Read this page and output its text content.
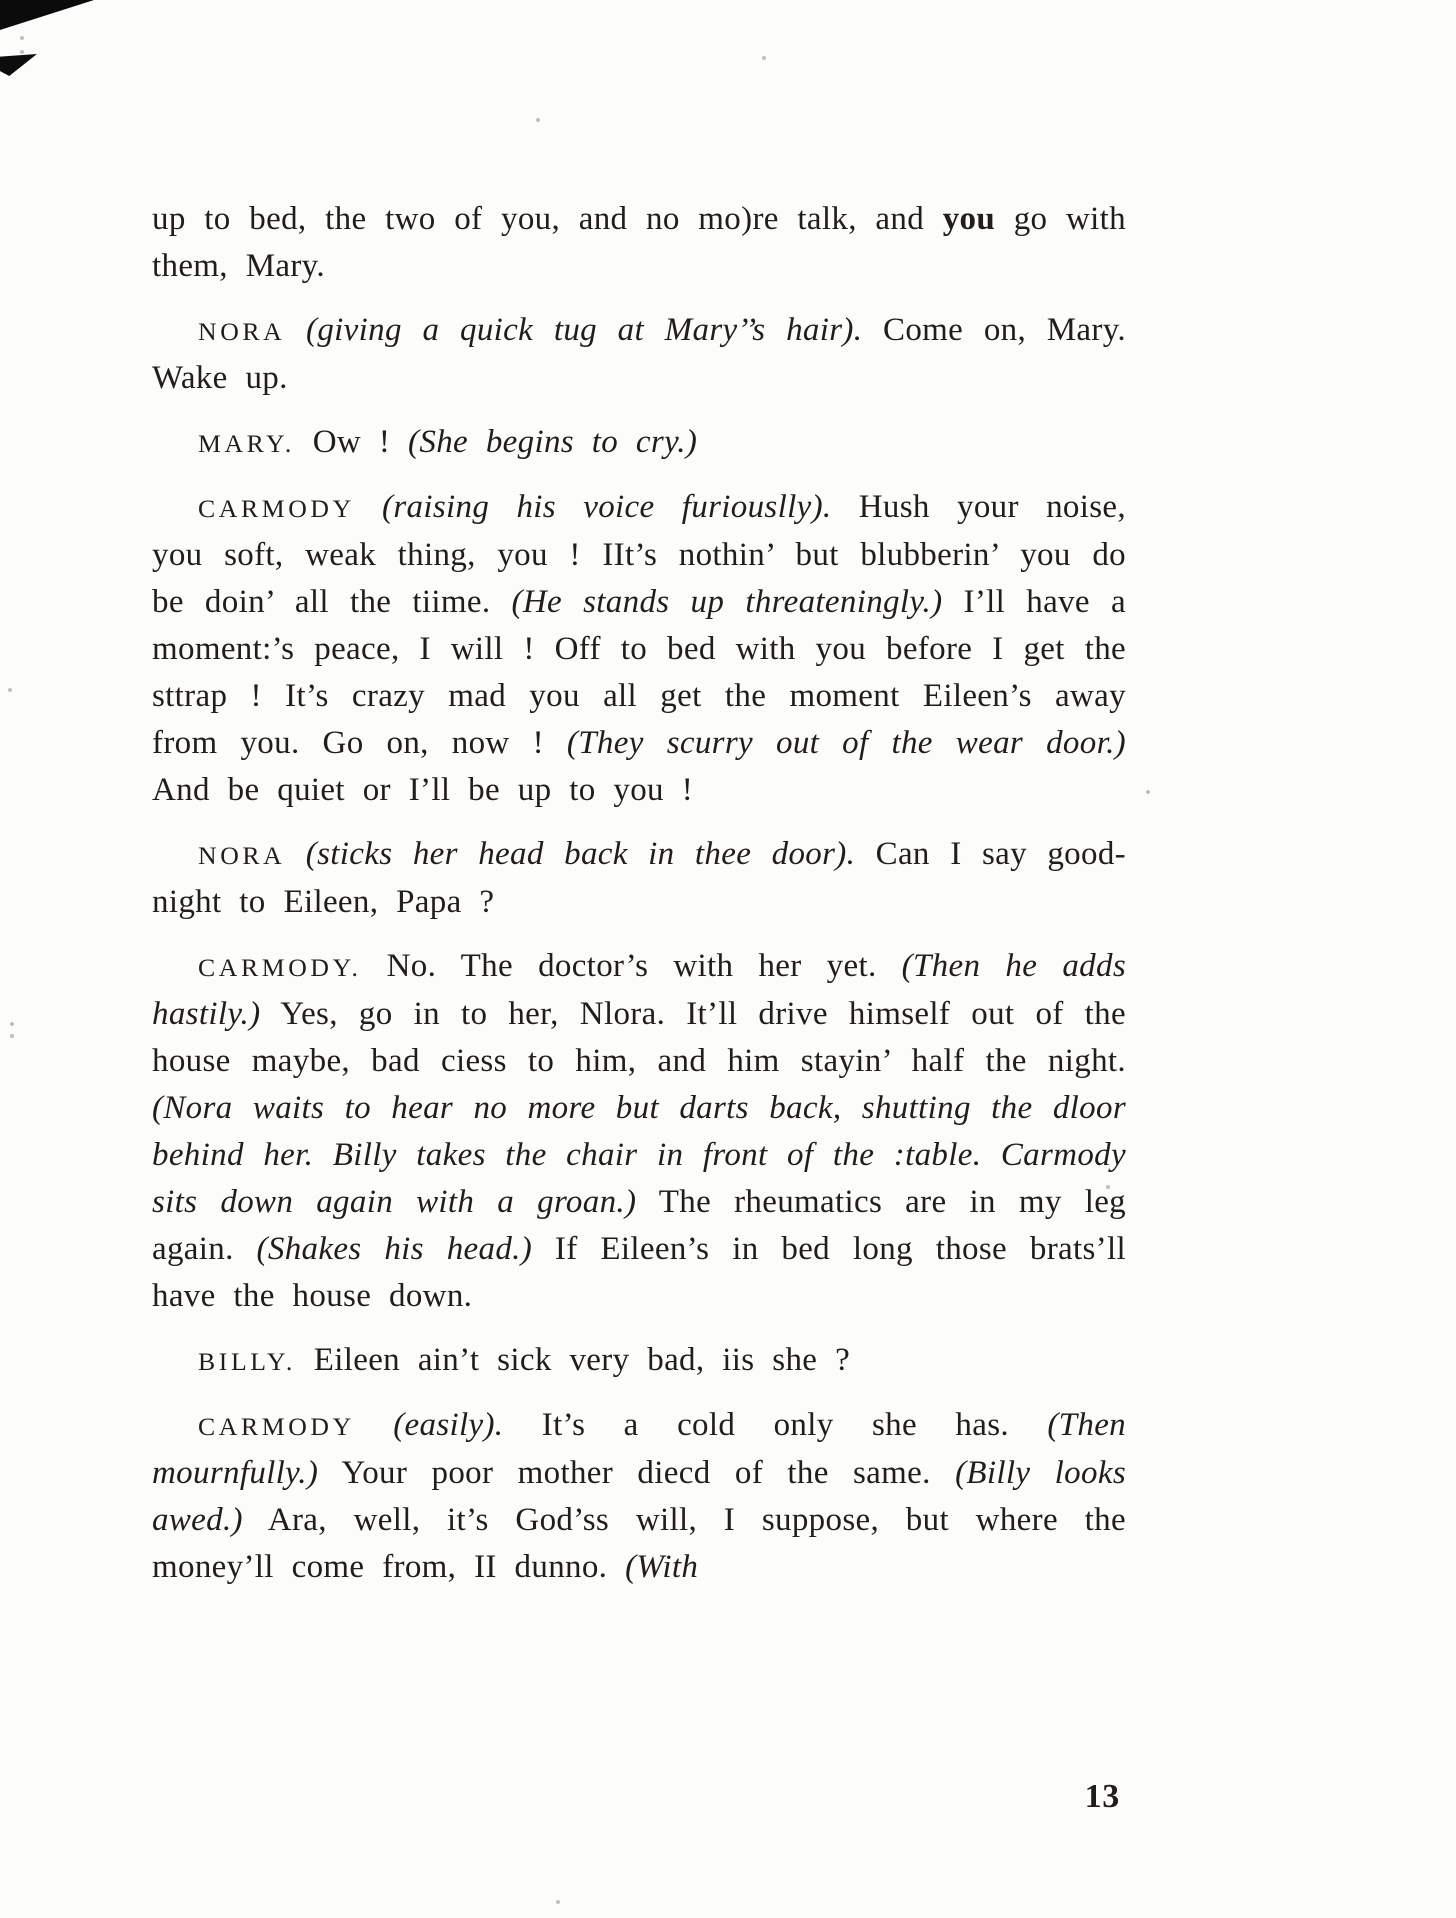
up to bed, the two of you, and no mo)re talk, and you go with them, Mary.

NORA (giving a quick tug at Mary’’s hair). Come on, Mary. Wake up.

MARY. Ow ! (She begins to cry.)

CARMODY (raising his voice furiouslly). Hush your noise, you soft, weak thing, you ! IIt’s nothin’ but blubberin’ you do be doin’ all the tiime. (He stands up threateningly.) I’ll have a moment:’s peace, I will ! Off to bed with you before I get the sttrap ! It’s crazy mad you all get the moment Eileen’s away from you. Go on, now ! (They scurry out of the wear door.) And be quiet or I’ll be up to you !

NORA (sticks her head back in thee door). Can I say good-night to Eileen, Papa ?

CARMODY. No. The doctor’s with her yet. (Then he adds hastily.) Yes, go in to her, Nlora. It’ll drive himself out of the house maybe, bad ciess to him, and him stayin’ half the night. (Nora waits to hear no more but darts back, shutting the dloor behind her. Billy takes the chair in front of the :table. Carmody sits down again with a groan.) The rheumatics are in my leg again. (Shakes his head.) If Eileen’s in bed long those brats’ll have the house down.

BILLY. Eileen ain’t sick very bad, iis she ?

CARMODY (easily). It’s a cold only she has. (Then mournfully.) Your poor mother diecd of the same. (Billy looks awed.) Ara, well, it’s God’ss will, I suppose, but where the money’ll come from, II dunno. (With

13
